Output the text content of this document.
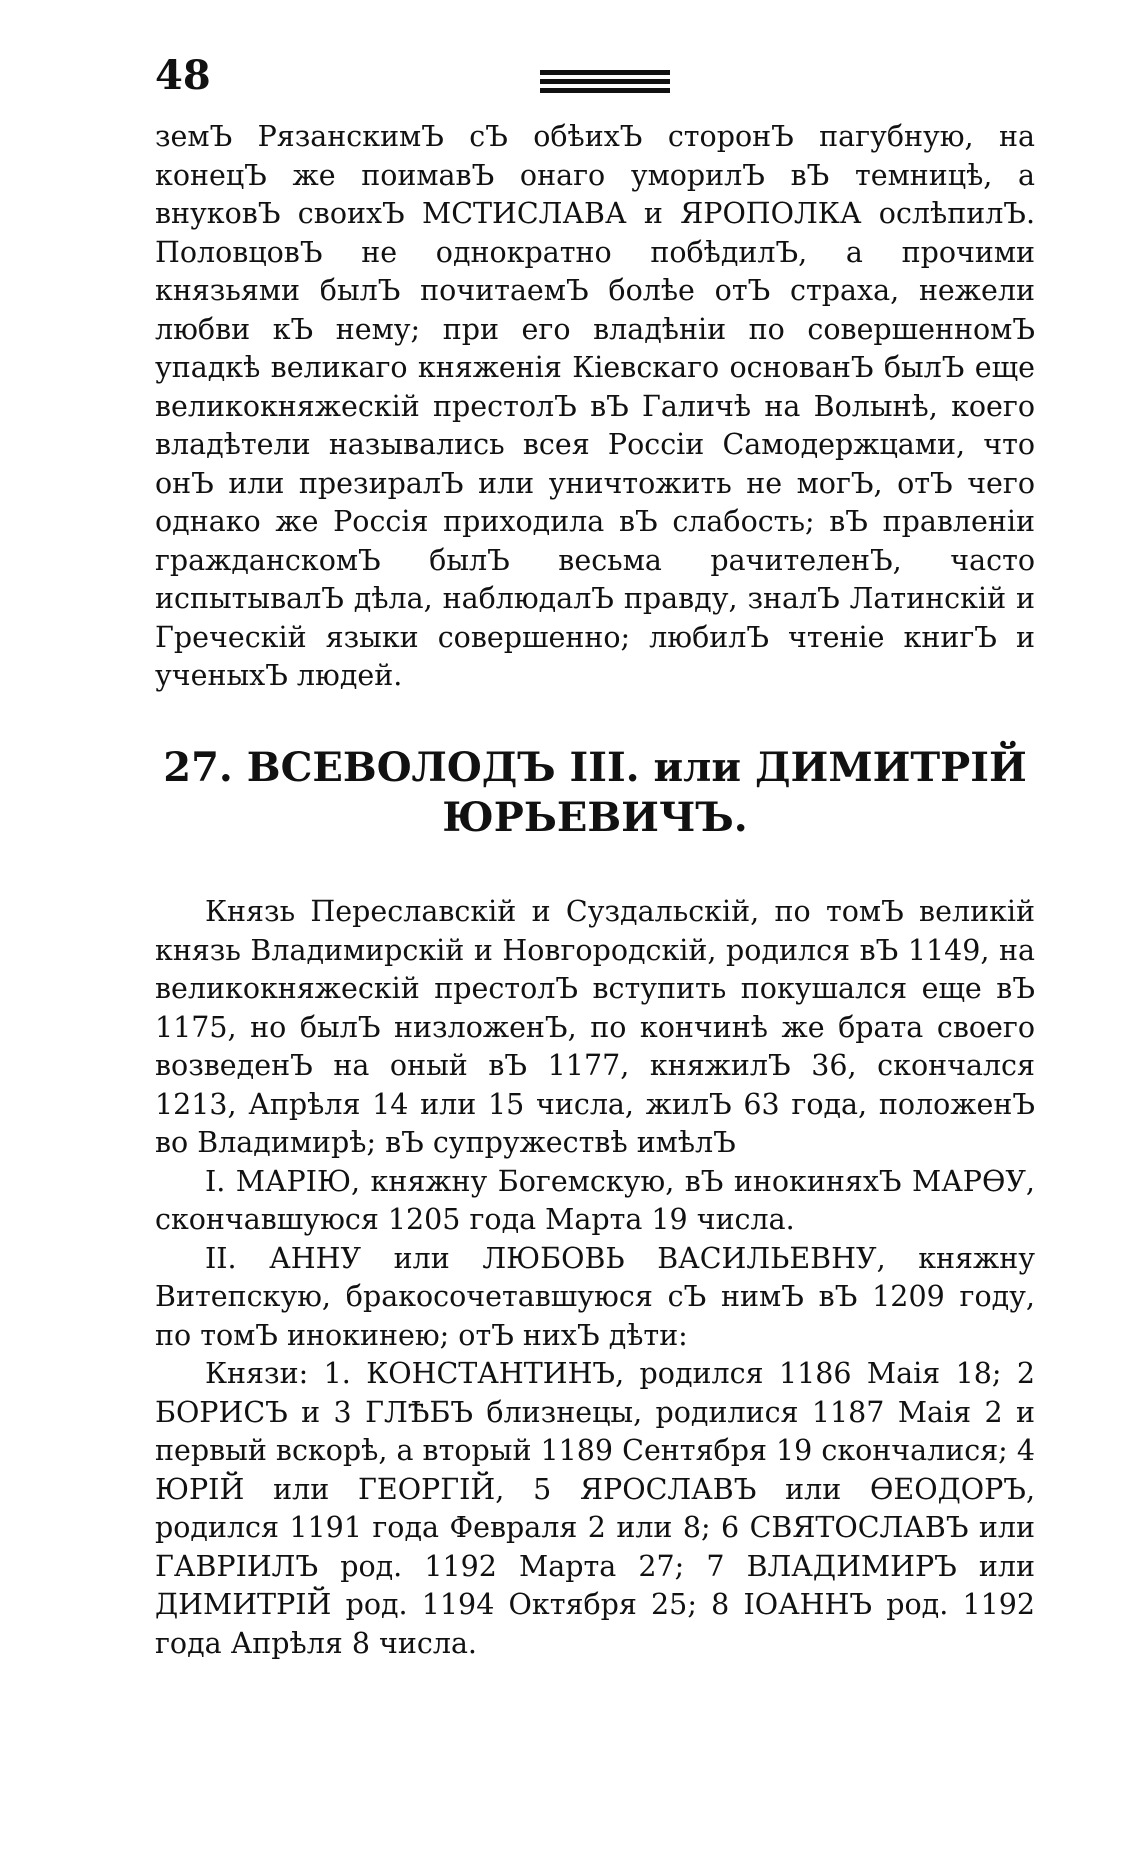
48

земЪ РязанскимЪ сЪ обѣихЪ сторонЪ пагубную, на конецЪ же поимавЪ онаго уморилЪ вЪ темницѣ, а внуковЪ своихЪ МСТИСЛАВА и ЯРОПОЛКА ослѣпилЪ. ПоловцовЪ не однократно побѣдилЪ, а прочими князьями былЪ почитаемЪ болѣе отЪ страха, нежели любви кЪ нему; при его владѣніи по совершенномЪ упадкѣ великаго княженія Кіевскаго основанЪ былЪ еще великокняжескій престолЪ вЪ Галичѣ на Волынѣ, коего владѣтели назывались всея Россіи Самодержцами, что онЪ или презиралЪ или уничтожить не могЪ, отЪ чего однако же Россія приходила вЪ слабость; вЪ правленіи гражданскомЪ былЪ весьма рачителенЪ, часто испытывалЪ дѣла, наблюдалЪ правду, зналЪ Латинскій и Греческій языки совершенно; любилЪ чтеніе книгЪ и ученыхЪ людей.

27. ВСЕВОЛОДЪ III. или ДИМИТРІЙ
ЮРЬЕВИЧЪ.

Князь Переславскій и Суздальскій, по томЪ великій князь Владимирскій и Новгородскій, родился вЪ 1149, на великокняжескій престолЪ вступить покушался еще вЪ 1175, но былЪ низложенЪ, по кончинѣ же брата своего возведенЪ на оный вЪ 1177, княжилЪ 36, скончался 1213, Апрѣля 14 или 15 числа, жилЪ 63 года, положенЪ во Владимирѣ; вЪ супружествѣ имѣлЪ

I. МАРІЮ, княжну Богемскую, вЪ инокиняхЪ МАРѲУ, скончавшуюся 1205 года Марта 19 числа.

II. АННУ или ЛЮБОВЬ ВАСИЛЬЕВНУ, княжну Витепскую, бракосочетавшуюся сЪ нимЪ вЪ 1209 году, по томЪ инокинею; отЪ нихЪ дѣти:

Князи: 1. КОНСТАНТИНЪ, родился 1186 Маія 18; 2 БОРИСЪ и 3 ГЛѢБЪ близнецы, родилися 1187 Маія 2 и первый вскорѣ, а вторый 1189 Сентября 19 скончалися; 4 ЮРІЙ или ГЕОРГІЙ, 5 ЯРОСЛАВЪ или ѲЕОДОРЪ, родился 1191 года Февраля 2 или 8; 6 СВЯТОСЛАВЪ или ГАВРІИЛЪ род. 1192 Марта 27; 7 ВЛАДИМИРЪ или ДИМИТРІЙ род. 1194 Октября 25; 8 ІОАННЪ род. 1192 года Апрѣля 8 числа.
